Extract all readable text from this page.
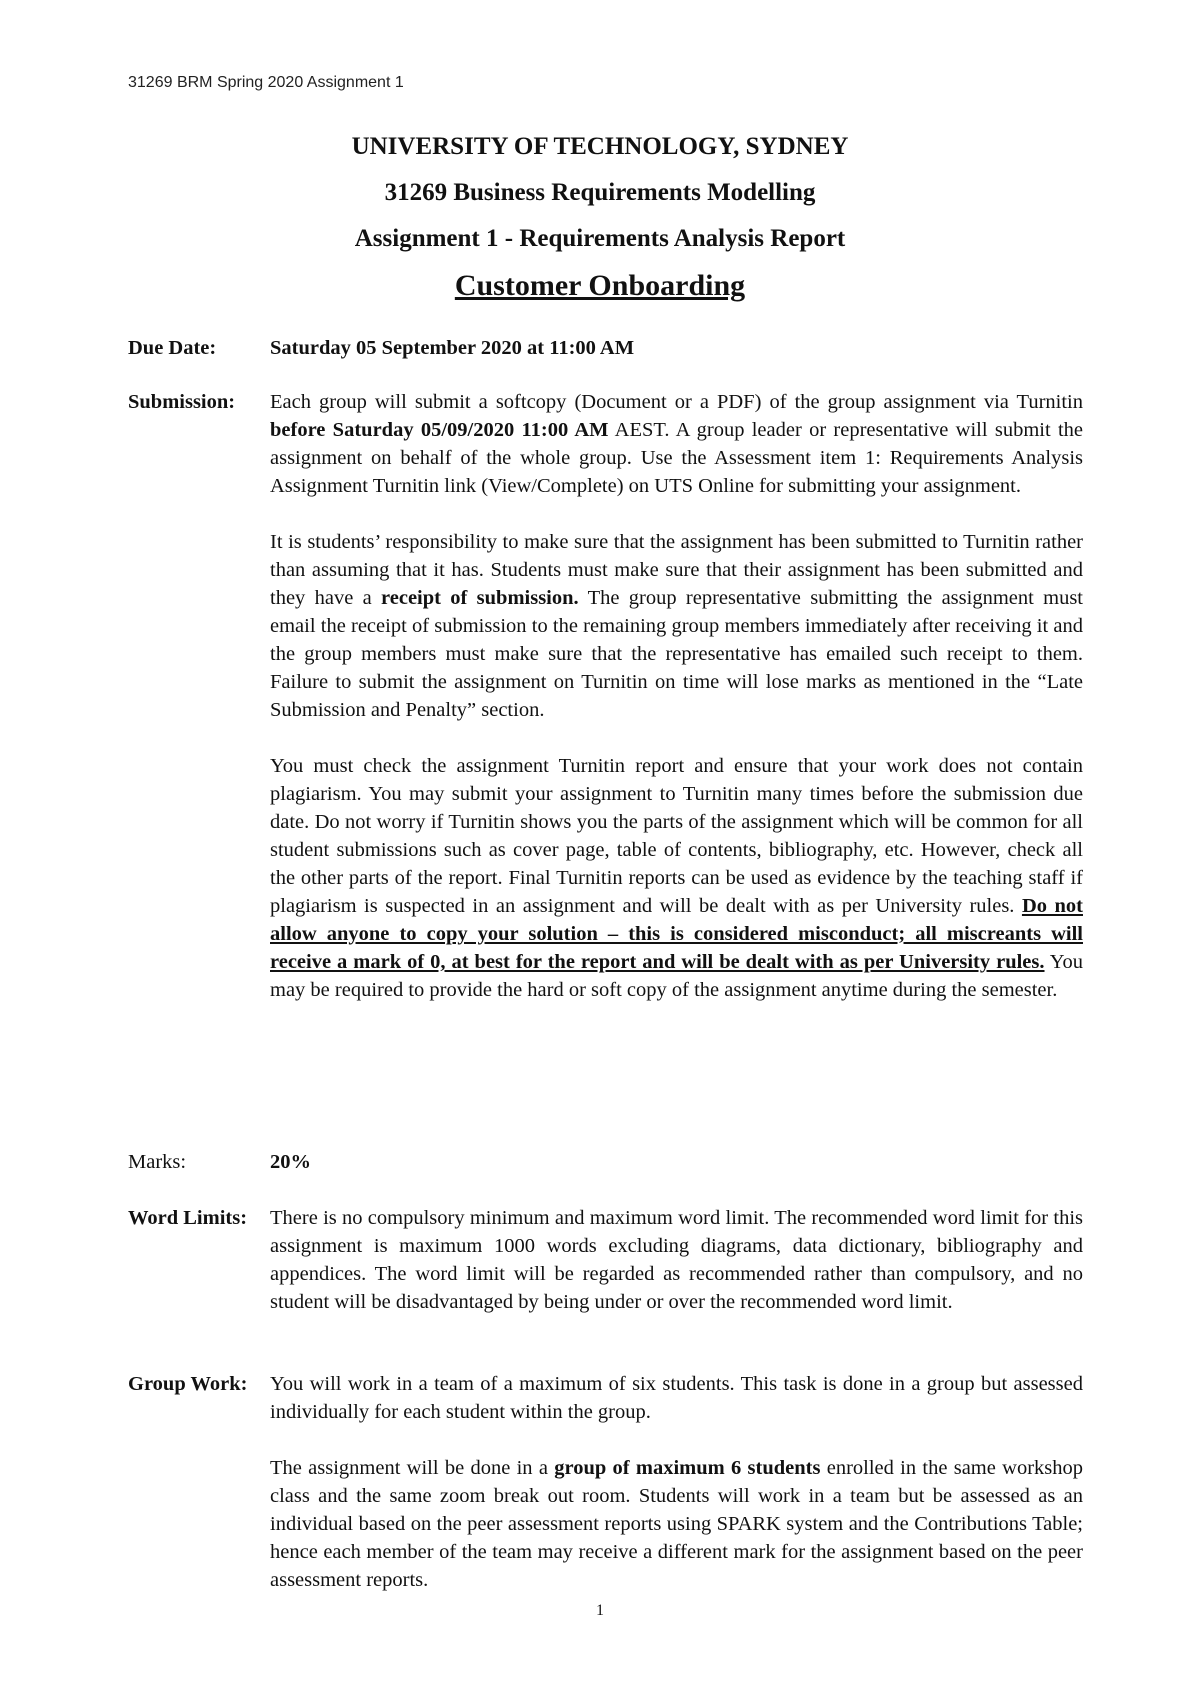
31269 BRM Spring 2020 Assignment 1
UNIVERSITY OF TECHNOLOGY, SYDNEY
31269 Business Requirements Modelling
Assignment 1 - Requirements Analysis Report
Customer Onboarding
Due Date:	Saturday 05 September 2020 at 11:00 AM
Submission: Each group will submit a softcopy (Document or a PDF) of the group assignment via Turnitin before Saturday 05/09/2020 11:00 AM AEST. A group leader or representative will submit the assignment on behalf of the whole group. Use the Assessment item 1: Requirements Analysis Assignment Turnitin link (View/Complete) on UTS Online for submitting your assignment.

It is students’ responsibility to make sure that the assignment has been submitted to Turnitin rather than assuming that it has. Students must make sure that their assignment has been submitted and they have a receipt of submission. The group representative submitting the assignment must email the receipt of submission to the remaining group members immediately after receiving it and the group members must make sure that the representative has emailed such receipt to them. Failure to submit the assignment on Turnitin on time will lose marks as mentioned in the “Late Submission and Penalty” section.

You must check the assignment Turnitin report and ensure that your work does not contain plagiarism. You may submit your assignment to Turnitin many times before the submission due date. Do not worry if Turnitin shows you the parts of the assignment which will be common for all student submissions such as cover page, table of contents, bibliography, etc. However, check all the other parts of the report. Final Turnitin reports can be used as evidence by the teaching staff if plagiarism is suspected in an assignment and will be dealt with as per University rules. Do not allow anyone to copy your solution – this is considered misconduct; all miscreants will receive a mark of 0, at best for the report and will be dealt with as per University rules. You may be required to provide the hard or soft copy of the assignment anytime during the semester.

Marks:	20%
Word Limits: There is no compulsory minimum and maximum word limit. The recommended word limit for this assignment is maximum 1000 words excluding diagrams, data dictionary, bibliography and appendices. The word limit will be regarded as recommended rather than compulsory, and no student will be disadvantaged by being under or over the recommended word limit.
Group Work: You will work in a team of a maximum of six students. This task is done in a group but assessed individually for each student within the group.

The assignment will be done in a group of maximum 6 students enrolled in the same workshop class and the same zoom break out room. Students will work in a team but be assessed as an individual based on the peer assessment reports using SPARK system and the Contributions Table; hence each member of the team may receive a different mark for the assignment based on the peer assessment reports.

1
